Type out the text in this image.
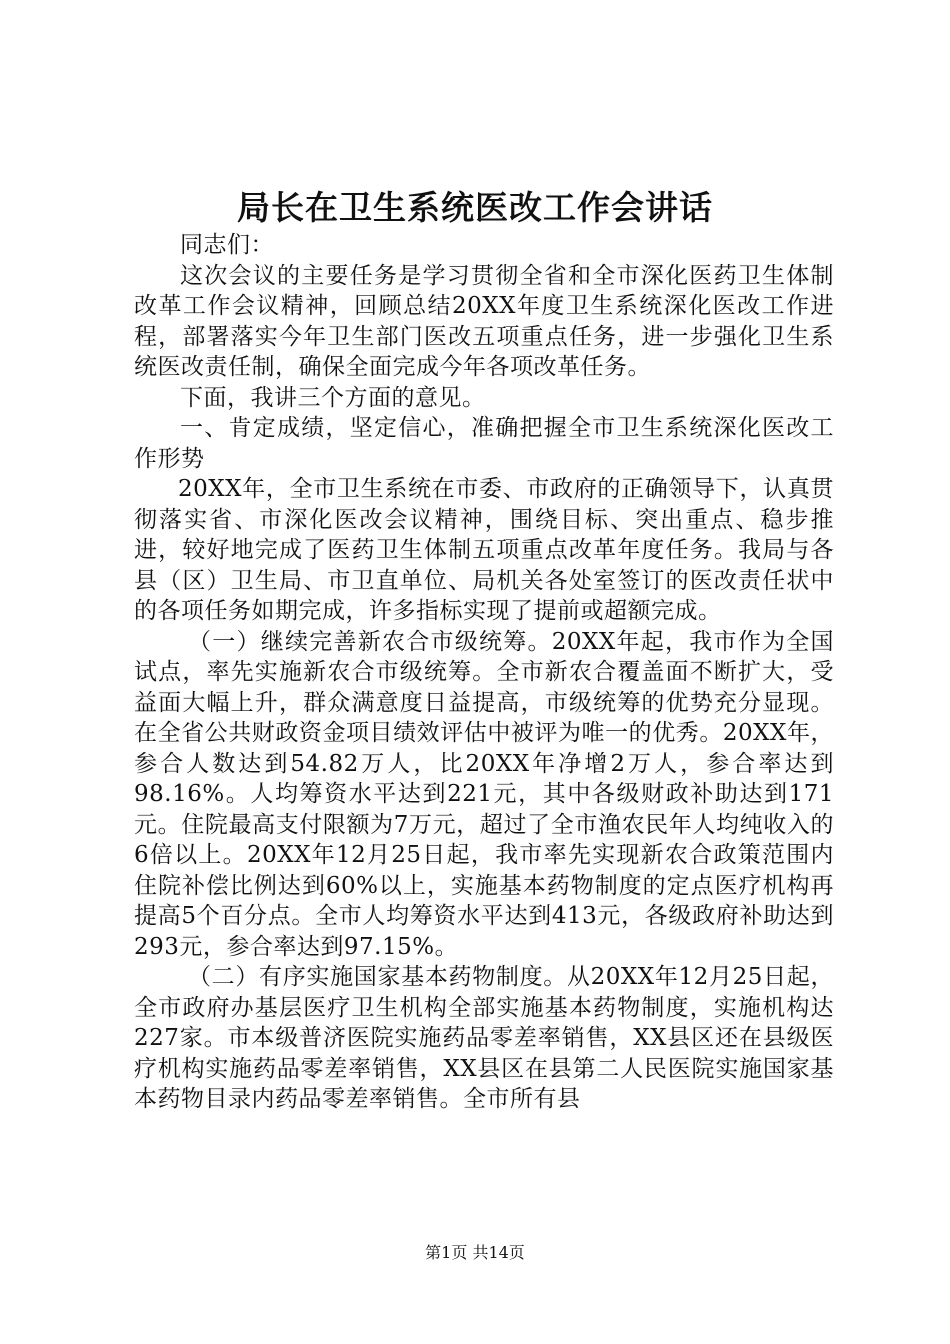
局长在卫生系统医改工作会讲话

同志们：

这次会议的主要任务是学习贯彻全省和全市深化医药卫生体制改革工作会议精神，回顾总结20XX年度卫生系统深化医改工作进程，部署落实今年卫生部门医改五项重点任务，进一步强化卫生系统医改责任制，确保全面完成今年各项改革任务。

下面，我讲三个方面的意见。

一、肯定成绩，坚定信心，准确把握全市卫生系统深化医改工作形势

20XX年，全市卫生系统在市委、市政府的正确领导下，认真贯彻落实省、市深化医改会议精神，围绕目标、突出重点、稳步推进，较好地完成了医药卫生体制五项重点改革年度任务。我局与各县（区）卫生局、市卫直单位、局机关各处室签订的医改责任状中的各项任务如期完成，许多指标实现了提前或超额完成。

（一）继续完善新农合市级统筹。20XX年起，我市作为全国试点，率先实施新农合市级统筹。全市新农合覆盖面不断扩大，受益面大幅上升，群众满意度日益提高，市级统筹的优势充分显现。在全省公共财政资金项目绩效评估中被评为唯一的优秀。20XX年，参合人数达到54.82万人，比20XX年净增2万人，参合率达到98.16%。人均筹资水平达到221元，其中各级财政补助达到171元。住院最高支付限额为7万元，超过了全市渔农民年人均纯收入的6倍以上。20XX年12月25日起，我市率先实现新农合政策范围内住院补偿比例达到60%以上，实施基本药物制度的定点医疗机构再提高5个百分点。全市人均筹资水平达到413元，各级政府补助达到293元，参合率达到97.15%。

（二）有序实施国家基本药物制度。从20XX年12月25日起，全市政府办基层医疗卫生机构全部实施基本药物制度，实施机构达227家。市本级普济医院实施药品零差率销售，XX县区还在县级医疗机构实施药品零差率销售，XX县区在县第二人民医院实施国家基本药物目录内药品零差率销售。全市所有县

第1页 共14页
